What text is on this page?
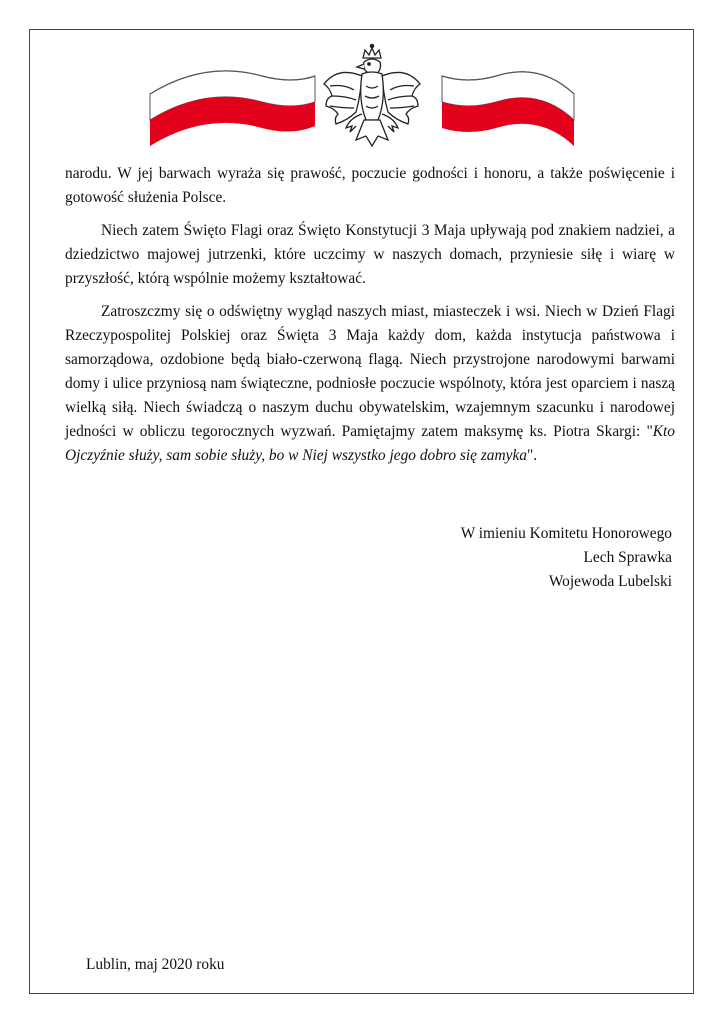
narodu. W jej barwach wyraża się prawość, poczucie godności i honoru, a także poświęcenie i gotowość służenia Polsce.

Niech zatem Święto Flagi oraz Święto Konstytucji 3 Maja upływają pod znakiem nadziei, a dziedzictwo majowej jutrzenki, które uczcimy w naszych domach, przyniesie siłę i wiarę w przyszłość, którą wspólnie możemy kształtować.

Zatroszczmy się o odświętny wygląd naszych miast, miasteczek i wsi. Niech w Dzień Flagi Rzeczypospolitej Polskiej oraz Święta 3 Maja każdy dom, każda instytucja państwowa i samorządowa, ozdobione będą biało-czerwoną flagą. Niech przystrojone narodowymi barwami domy i ulice przyniosą nam świąteczne, podniosłe poczucie wspólnoty, która jest oparciem i naszą wielką siłą. Niech świadczą o naszym duchu obywatelskim, wzajemnym szacunku i narodowej jedności w obliczu tegorocznych wyzwań. Pamiętajmy zatem maksymę ks. Piotra Skargi: "Kto Ojczyźnie służy, sam sobie służy, bo w Niej wszystko jego dobro się zamyka".

W imieniu Komitetu Honorowego
Lech Sprawka
Wojewoda Lubelski
Lublin, maj 2020 roku
